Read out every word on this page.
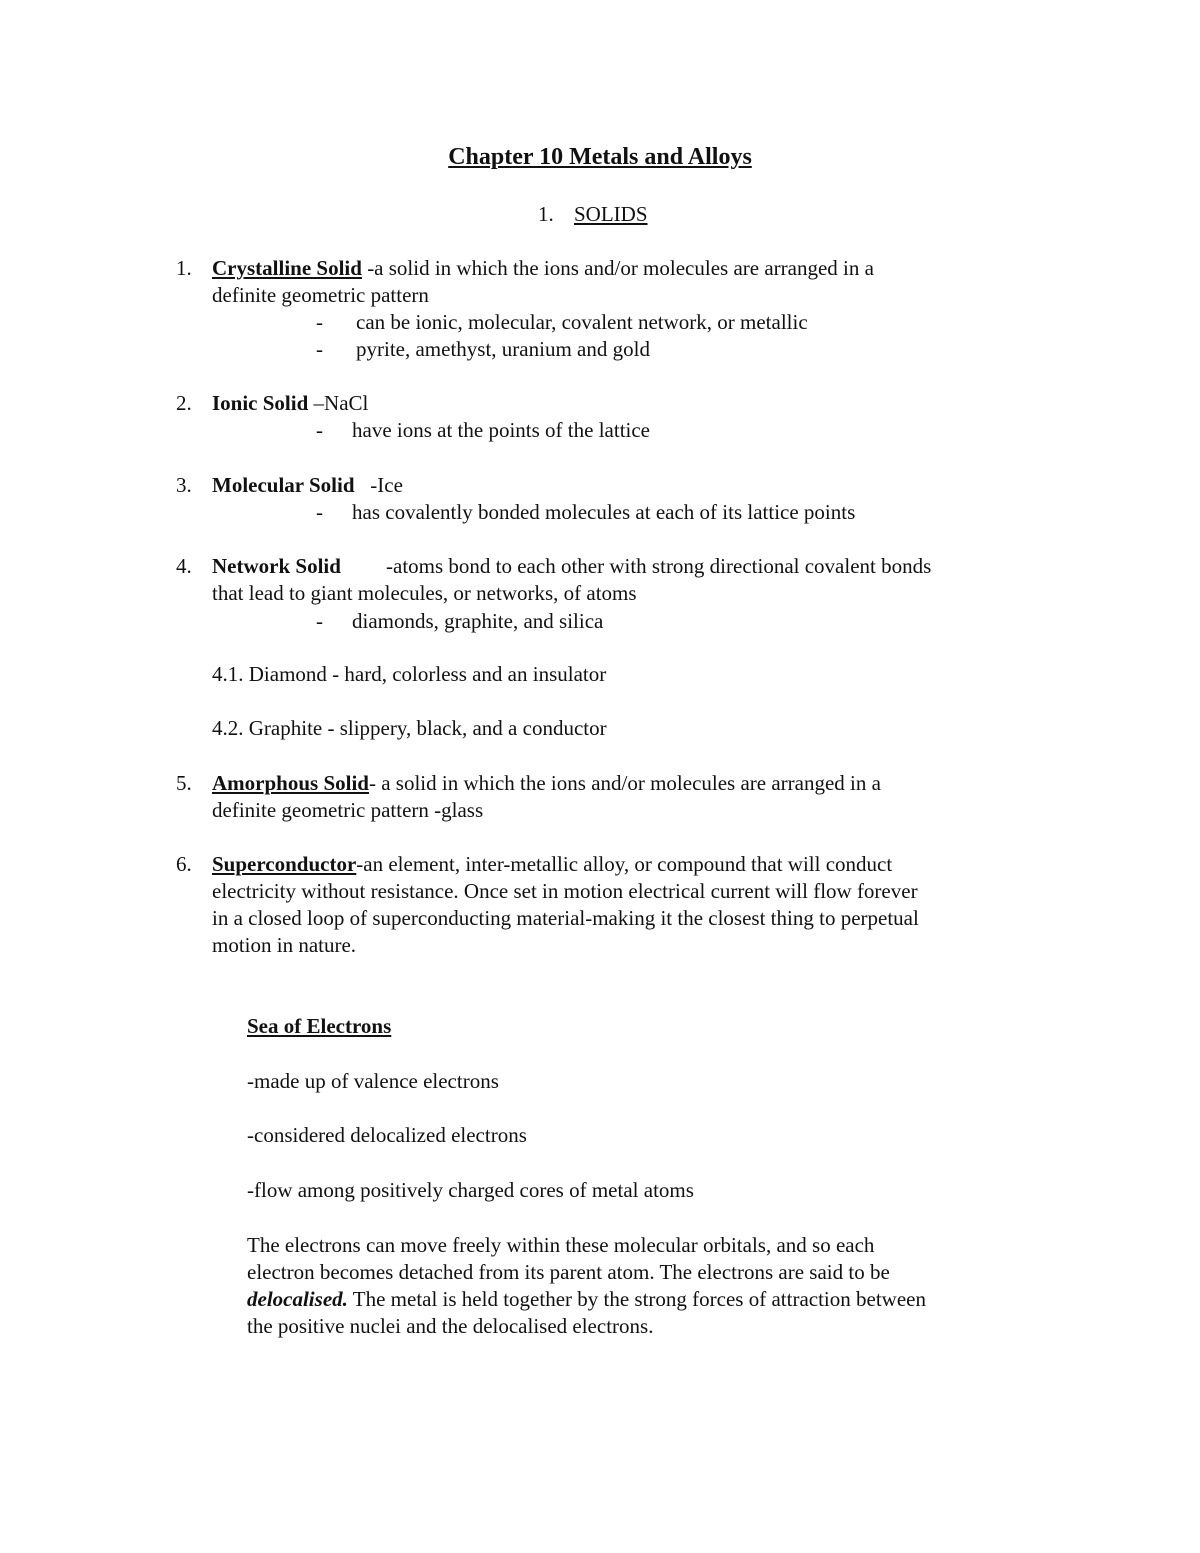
Chapter 10 Metals and Alloys
1. SOLIDS
1. Crystalline Solid -a solid in which the ions and/or molecules are arranged in a
definite geometric pattern
- can be ionic, molecular, covalent network, or metallic
- pyrite, amethyst, uranium and gold
2. Ionic Solid –NaCl
- have ions at the points of the lattice
3. Molecular Solid -Ice
- has covalently bonded molecules at each of its lattice points
4. Network Solid -atoms bond to each other with strong directional covalent bonds
that lead to giant molecules, or networks, of atoms
- diamonds, graphite, and silica
4.1. Diamond - hard, colorless and an insulator
4.2. Graphite - slippery, black, and a conductor
5. Amorphous Solid- a solid in which the ions and/or molecules are arranged in a
definite geometric pattern -glass
6. Superconductor-an element, inter-metallic alloy, or compound that will conduct
electricity without resistance. Once set in motion electrical current will flow forever
in a closed loop of superconducting material-making it the closest thing to perpetual
motion in nature.
Sea of Electrons
-made up of valence electrons
-considered delocalized electrons
-flow among positively charged cores of metal atoms
The electrons can move freely within these molecular orbitals, and so each
electron becomes detached from its parent atom. The electrons are said to be
delocalised. The metal is held together by the strong forces of attraction between
the positive nuclei and the delocalised electrons.
